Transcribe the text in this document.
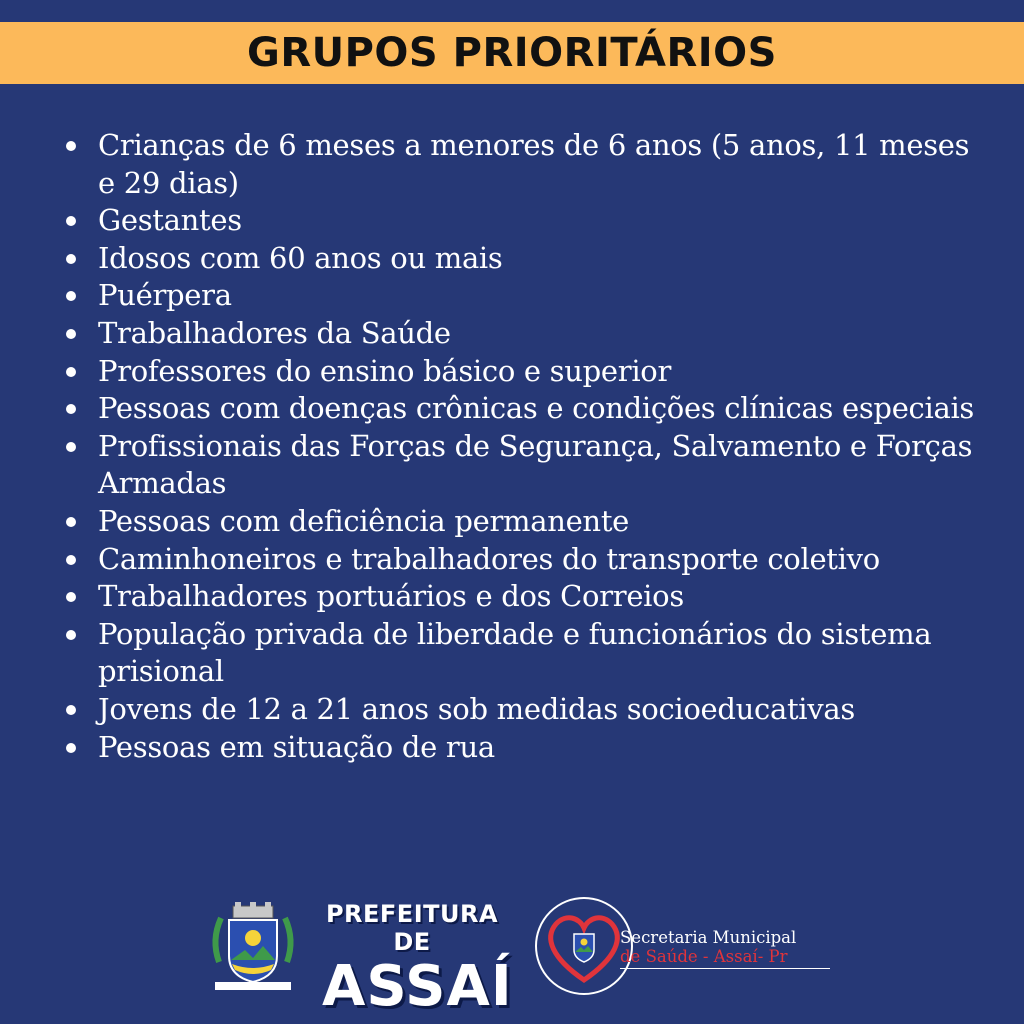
GRUPOS PRIORITÁRIOS
Crianças de 6 meses a menores de 6 anos (5 anos, 11 meses e 29 dias)
Gestantes
Idosos com 60 anos ou mais
Puérpera
Trabalhadores da Saúde
Professores do ensino básico e superior
Pessoas com doenças crônicas e condições clínicas especiais
Profissionais das Forças de Segurança, Salvamento e Forças Armadas
Pessoas com deficiência permanente
Caminhoneiros e trabalhadores do transporte coletivo
Trabalhadores portuários e dos Correios
População privada de liberdade e funcionários do sistema prisional
Jovens de 12 a 21 anos sob medidas socioeducativas
Pessoas em situação de rua
PREFEITURA DE
ASSAÍ
Secretaria Municipal
de Saúde - Assaí- Pr
